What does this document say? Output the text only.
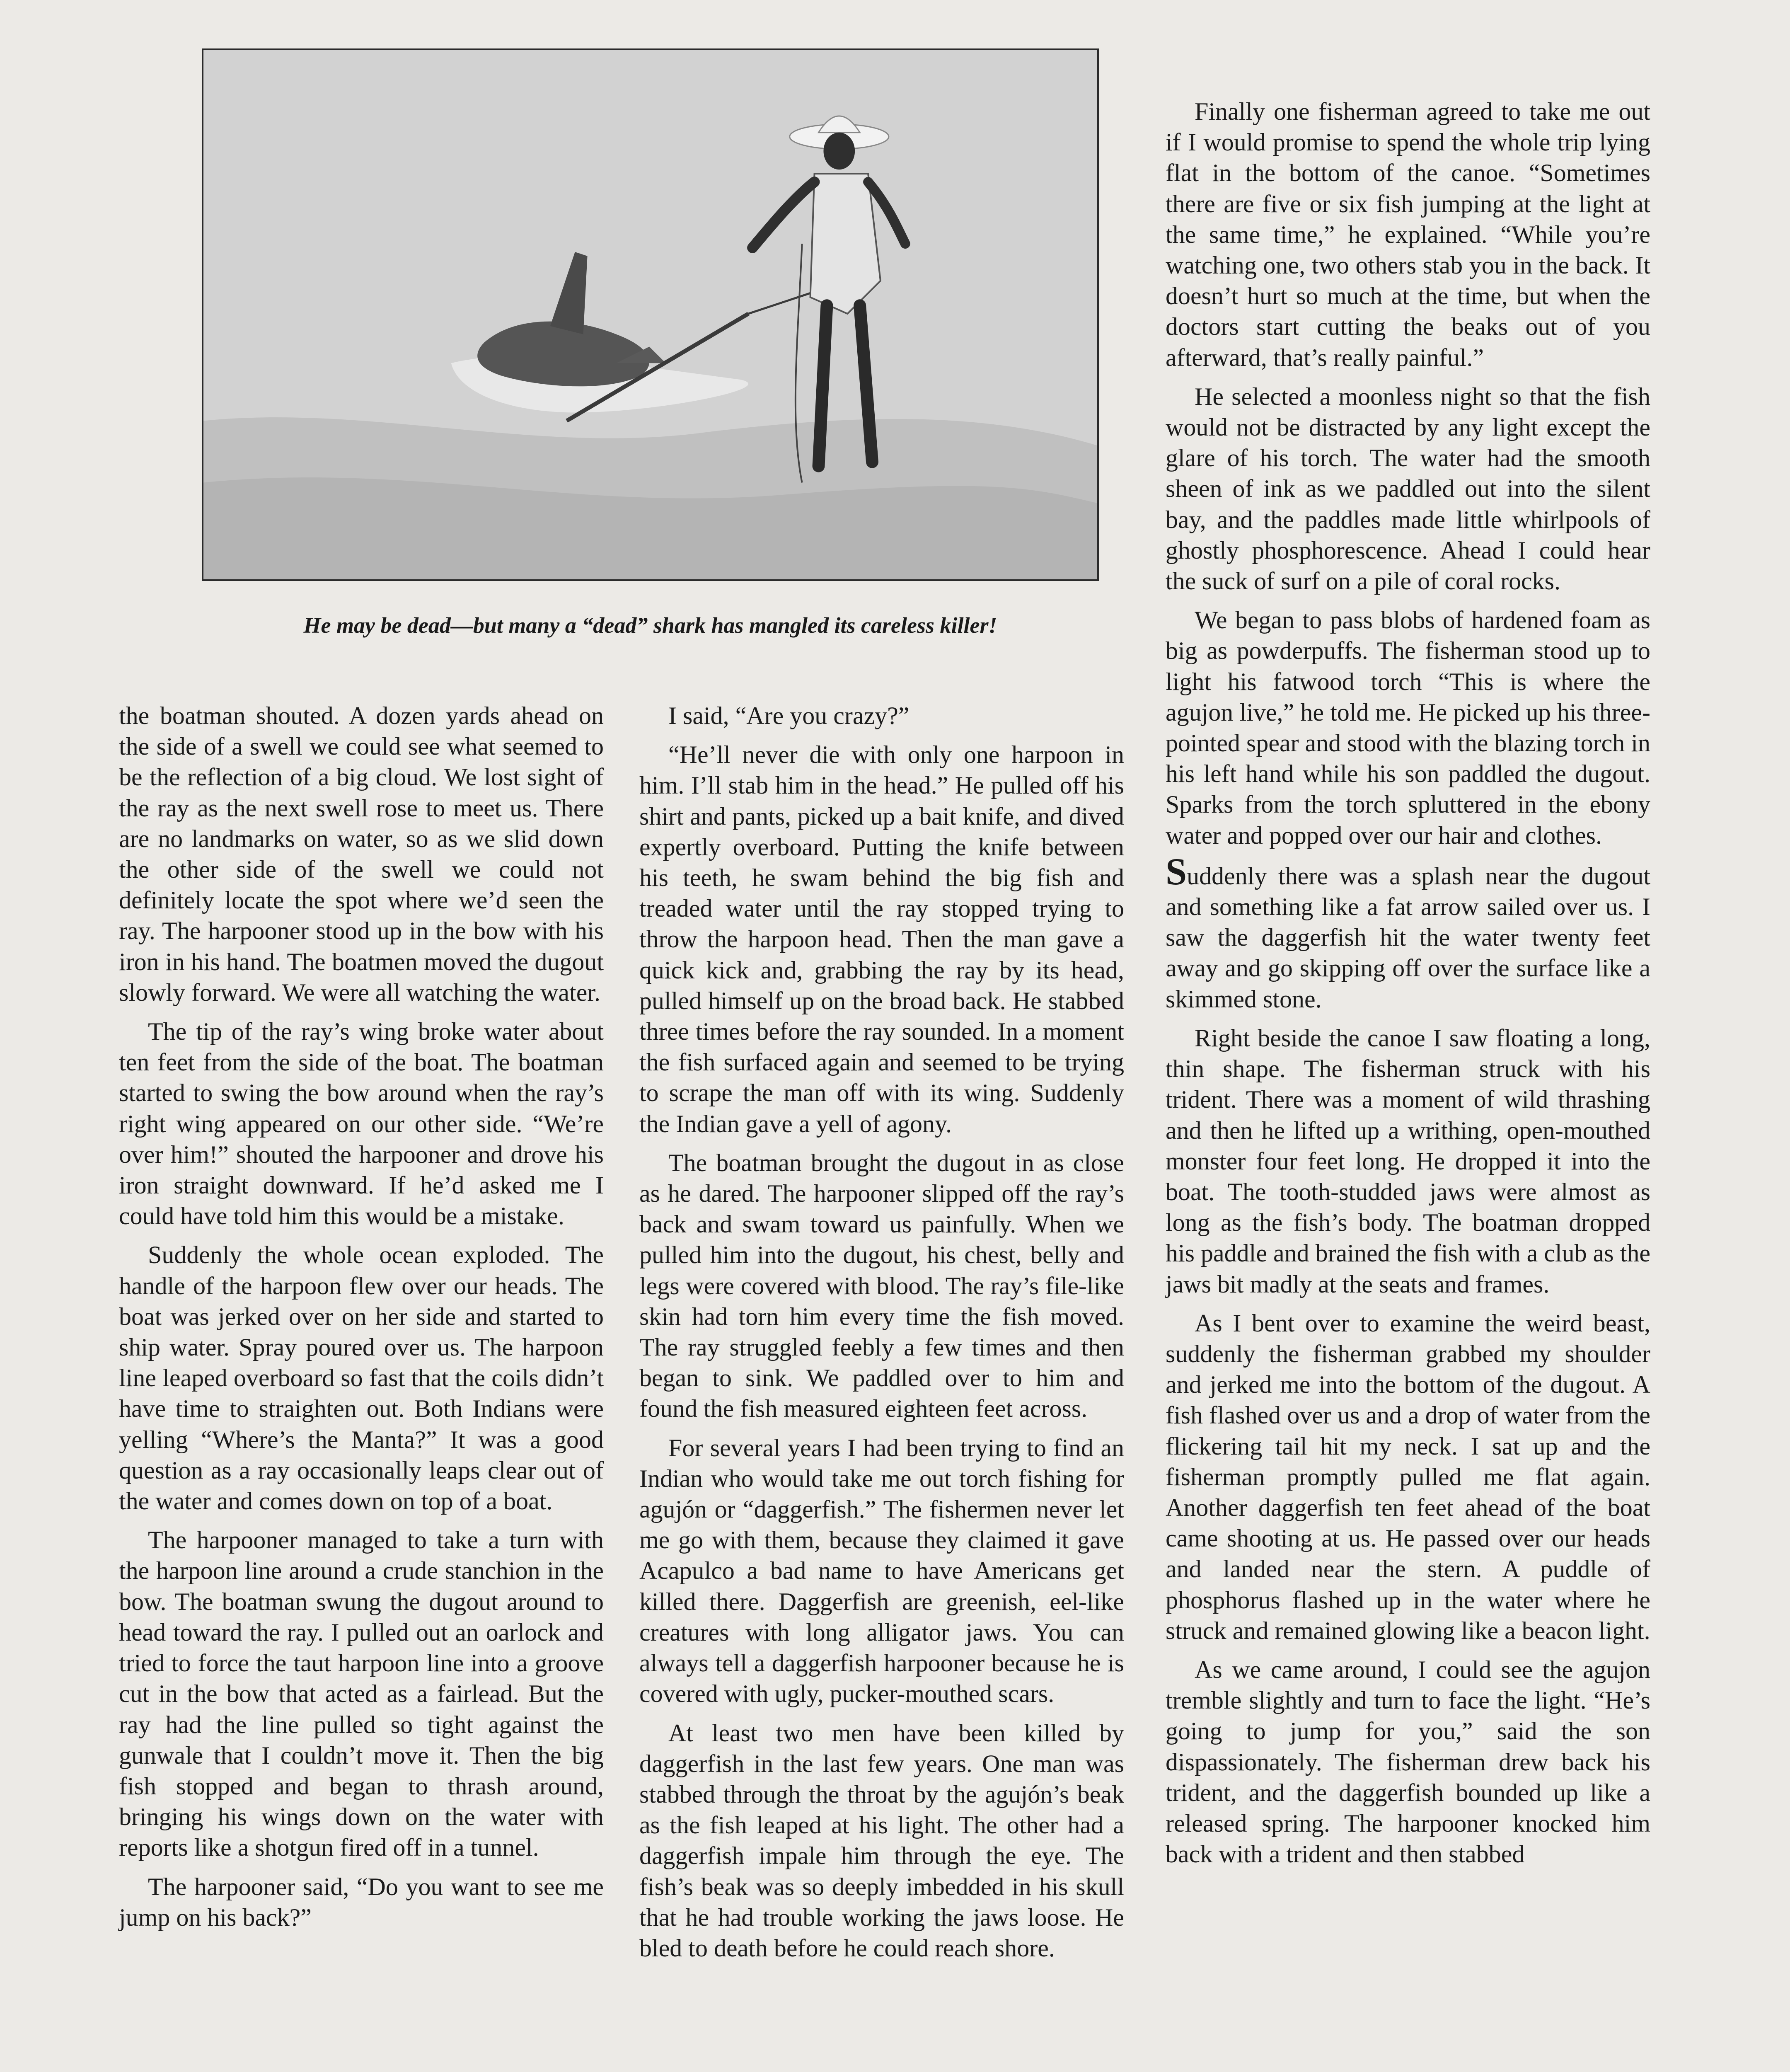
He may be dead—but many a “dead” shark has mangled its careless killer!

the boatman shouted. A dozen yards ahead on the side of a swell we could see what seemed to be the reflection of a big cloud. We lost sight of the ray as the next swell rose to meet us. There are no landmarks on water, so as we slid down the other side of the swell we could not definitely locate the spot where we’d seen the ray. The harpooner stood up in the bow with his iron in his hand. The boatmen moved the dugout slowly forward. We were all watching the water.

The tip of the ray’s wing broke water about ten feet from the side of the boat. The boatman started to swing the bow around when the ray’s right wing appeared on our other side. “We’re over him!” shouted the harpooner and drove his iron straight downward. If he’d asked me I could have told him this would be a mistake.

Suddenly the whole ocean exploded. The handle of the harpoon flew over our heads. The boat was jerked over on her side and started to ship water. Spray poured over us. The harpoon line leaped overboard so fast that the coils didn’t have time to straighten out. Both Indians were yelling “Where’s the Manta?” It was a good question as a ray occasionally leaps clear out of the water and comes down on top of a boat.

The harpooner managed to take a turn with the harpoon line around a crude stanchion in the bow. The boatman swung the dugout around to head toward the ray. I pulled out an oarlock and tried to force the taut harpoon line into a groove cut in the bow that acted as a fairlead. But the ray had the line pulled so tight against the gunwale that I couldn’t move it. Then the big fish stopped and began to thrash around, bringing his wings down on the water with reports like a shotgun fired off in a tunnel.

The harpooner said, “Do you want to see me jump on his back?”

I said, “Are you crazy?”

“He’ll never die with only one harpoon in him. I’ll stab him in the head.” He pulled off his shirt and pants, picked up a bait knife, and dived expertly overboard. Putting the knife between his teeth, he swam behind the big fish and treaded water until the ray stopped trying to throw the harpoon head. Then the man gave a quick kick and, grabbing the ray by its head, pulled himself up on the broad back. He stabbed three times before the ray sounded. In a moment the fish surfaced again and seemed to be trying to scrape the man off with its wing. Suddenly the Indian gave a yell of agony.

The boatman brought the dugout in as close as he dared. The harpooner slipped off the ray’s back and swam toward us painfully. When we pulled him into the dugout, his chest, belly and legs were covered with blood. The ray’s file-like skin had torn him every time the fish moved. The ray struggled feebly a few times and then began to sink. We paddled over to him and found the fish measured eighteen feet across.

For several years I had been trying to find an Indian who would take me out torch fishing for agujón or “daggerfish.” The fishermen never let me go with them, because they claimed it gave Acapulco a bad name to have Americans get killed there. Daggerfish are greenish, eel-like creatures with long alligator jaws. You can always tell a daggerfish harpooner because he is covered with ugly, pucker-mouthed scars.

At least two men have been killed by daggerfish in the last few years. One man was stabbed through the throat by the agujón’s beak as the fish leaped at his light. The other had a daggerfish impale him through the eye. The fish’s beak was so deeply imbedded in his skull that he had trouble working the jaws loose. He bled to death before he could reach shore.

Finally one fisherman agreed to take me out if I would promise to spend the whole trip lying flat in the bottom of the canoe. “Sometimes there are five or six fish jumping at the light at the same time,” he explained. “While you’re watching one, two others stab you in the back. It doesn’t hurt so much at the time, but when the doctors start cutting the beaks out of you afterward, that’s really painful.”

He selected a moonless night so that the fish would not be distracted by any light except the glare of his torch. The water had the smooth sheen of ink as we paddled out into the silent bay, and the paddles made little whirlpools of ghostly phosphorescence. Ahead I could hear the suck of surf on a pile of coral rocks.

We began to pass blobs of hardened foam as big as powderpuffs. The fisherman stood up to light his fatwood torch “This is where the agujon live,” he told me. He picked up his three-pointed spear and stood with the blazing torch in his left hand while his son paddled the dugout. Sparks from the torch spluttered in the ebony water and popped over our hair and clothes.

Suddenly there was a splash near the dugout and something like a fat arrow sailed over us. I saw the daggerfish hit the water twenty feet away and go skipping off over the surface like a skimmed stone.

Right beside the canoe I saw floating a long, thin shape. The fisherman struck with his trident. There was a moment of wild thrashing and then he lifted up a writhing, open-mouthed monster four feet long. He dropped it into the boat. The tooth-studded jaws were almost as long as the fish’s body. The boatman dropped his paddle and brained the fish with a club as the jaws bit madly at the seats and frames.

As I bent over to examine the weird beast, suddenly the fisherman grabbed my shoulder and jerked me into the bottom of the dugout. A fish flashed over us and a drop of water from the flickering tail hit my neck. I sat up and the fisherman promptly pulled me flat again. Another daggerfish ten feet ahead of the boat came shooting at us. He passed over our heads and landed near the stern. A puddle of phosphorus flashed up in the water where he struck and remained glowing like a beacon light.

As we came around, I could see the agujon tremble slightly and turn to face the light. “He’s going to jump for you,” said the son dispassionately. The fisherman drew back his trident, and the daggerfish bounded up like a released spring. The harpooner knocked him back with a trident and then stabbed
